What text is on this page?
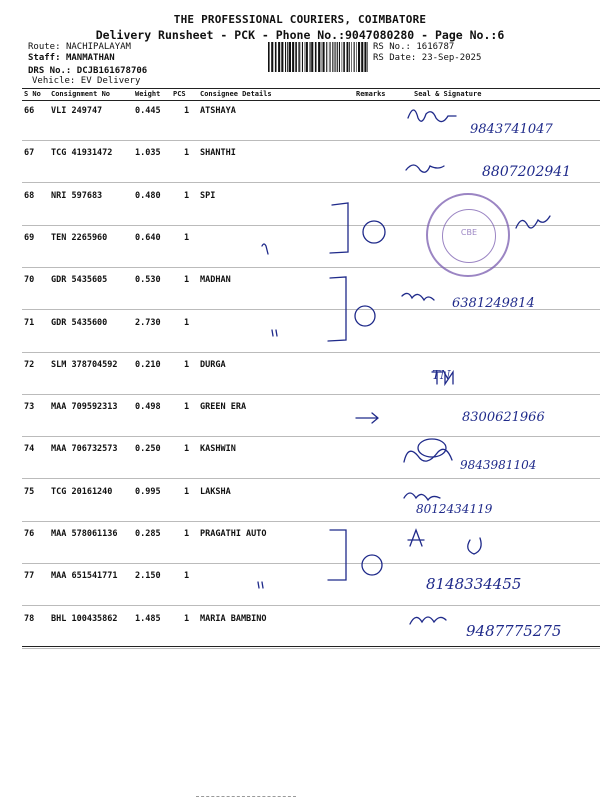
THE PROFESSIONAL COURIERS, COIMBATORE
Delivery Runsheet - PCK - Phone No.:9047080280 - Page No.:6
Route: NACHIPALAYAM
Staff: MANMATHAN
DRS No.: DCJB161678706
Vehicle: EV Delivery
RS No.: 1616787
RS Date: 23-Sep-2025
S No Consignment No	Weight PCS Consignee Details	Remarks	Seal & Signature
66 VLI 249747	0.445	1 ATSHAYA
67 TCG 41931472	1.035	1 SHANTHI
68 NRI 597683	0.480	1 SPI
69 TEN 2265960	0.640	1
70 GDR 5435605	0.530	1 MADHAN
71 GDR 5435600	2.730	1
72 SLM 378704592 0.210	1 DURGA
73 MAA 709592313 0.498	1 GREEN ERA
74 MAA 706732573 0.250	1 KASHWIN
75 TCG 20161240	0.995	1 LAKSHA
76 MAA 578061136 0.285	1 PRAGATHI AUTO
77 MAA 651541771 2.150	1
78 BHL 100435862 1.485	1 MARIA BAMBINO
CBE
9843741047
8807202941
6381249814
TN
8300621966
9843981104
8012434119
8148334455
9487775275
